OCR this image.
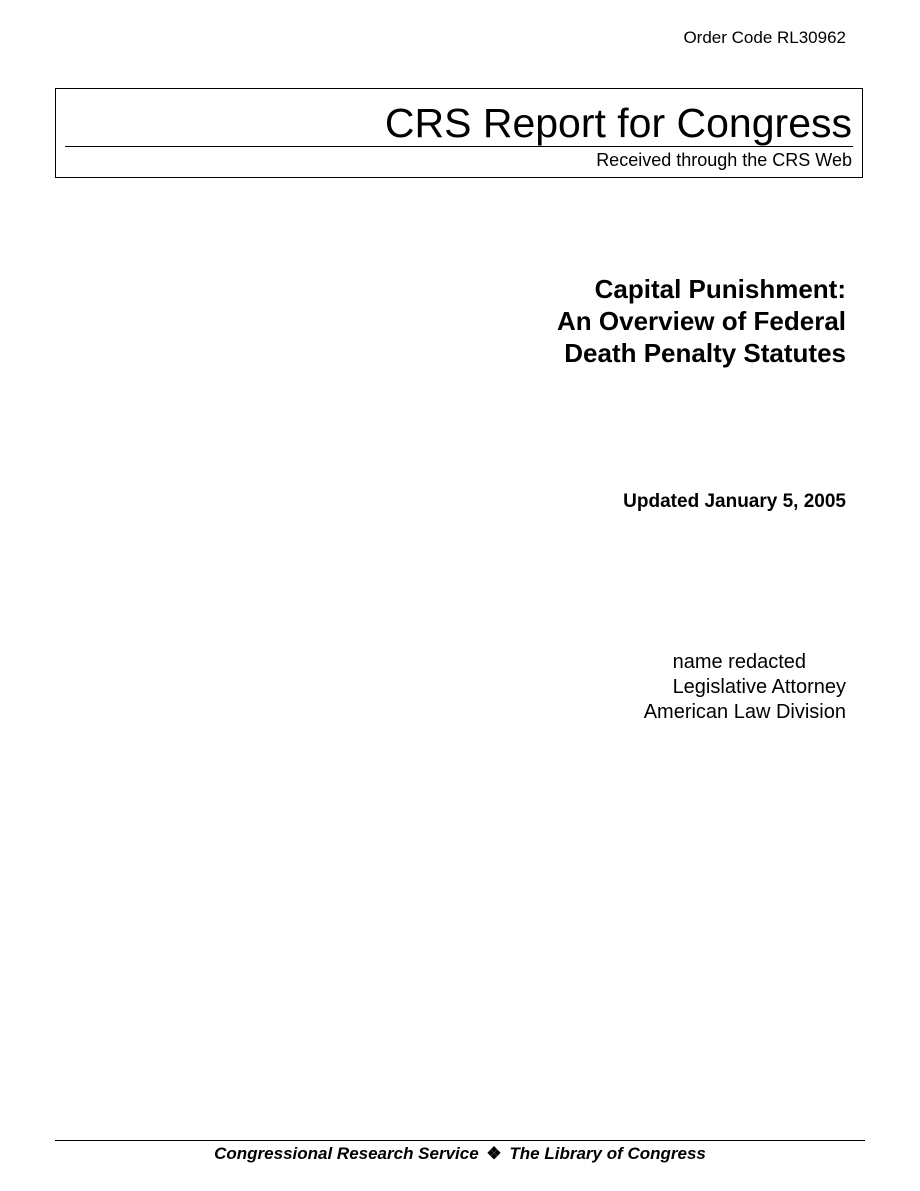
Order Code RL30962
CRS Report for Congress
Received through the CRS Web
Capital Punishment:
An Overview of Federal
Death Penalty Statutes
Updated January 5, 2005
name redacted
Legislative Attorney
American Law Division
Congressional Research Service ❖ The Library of Congress
